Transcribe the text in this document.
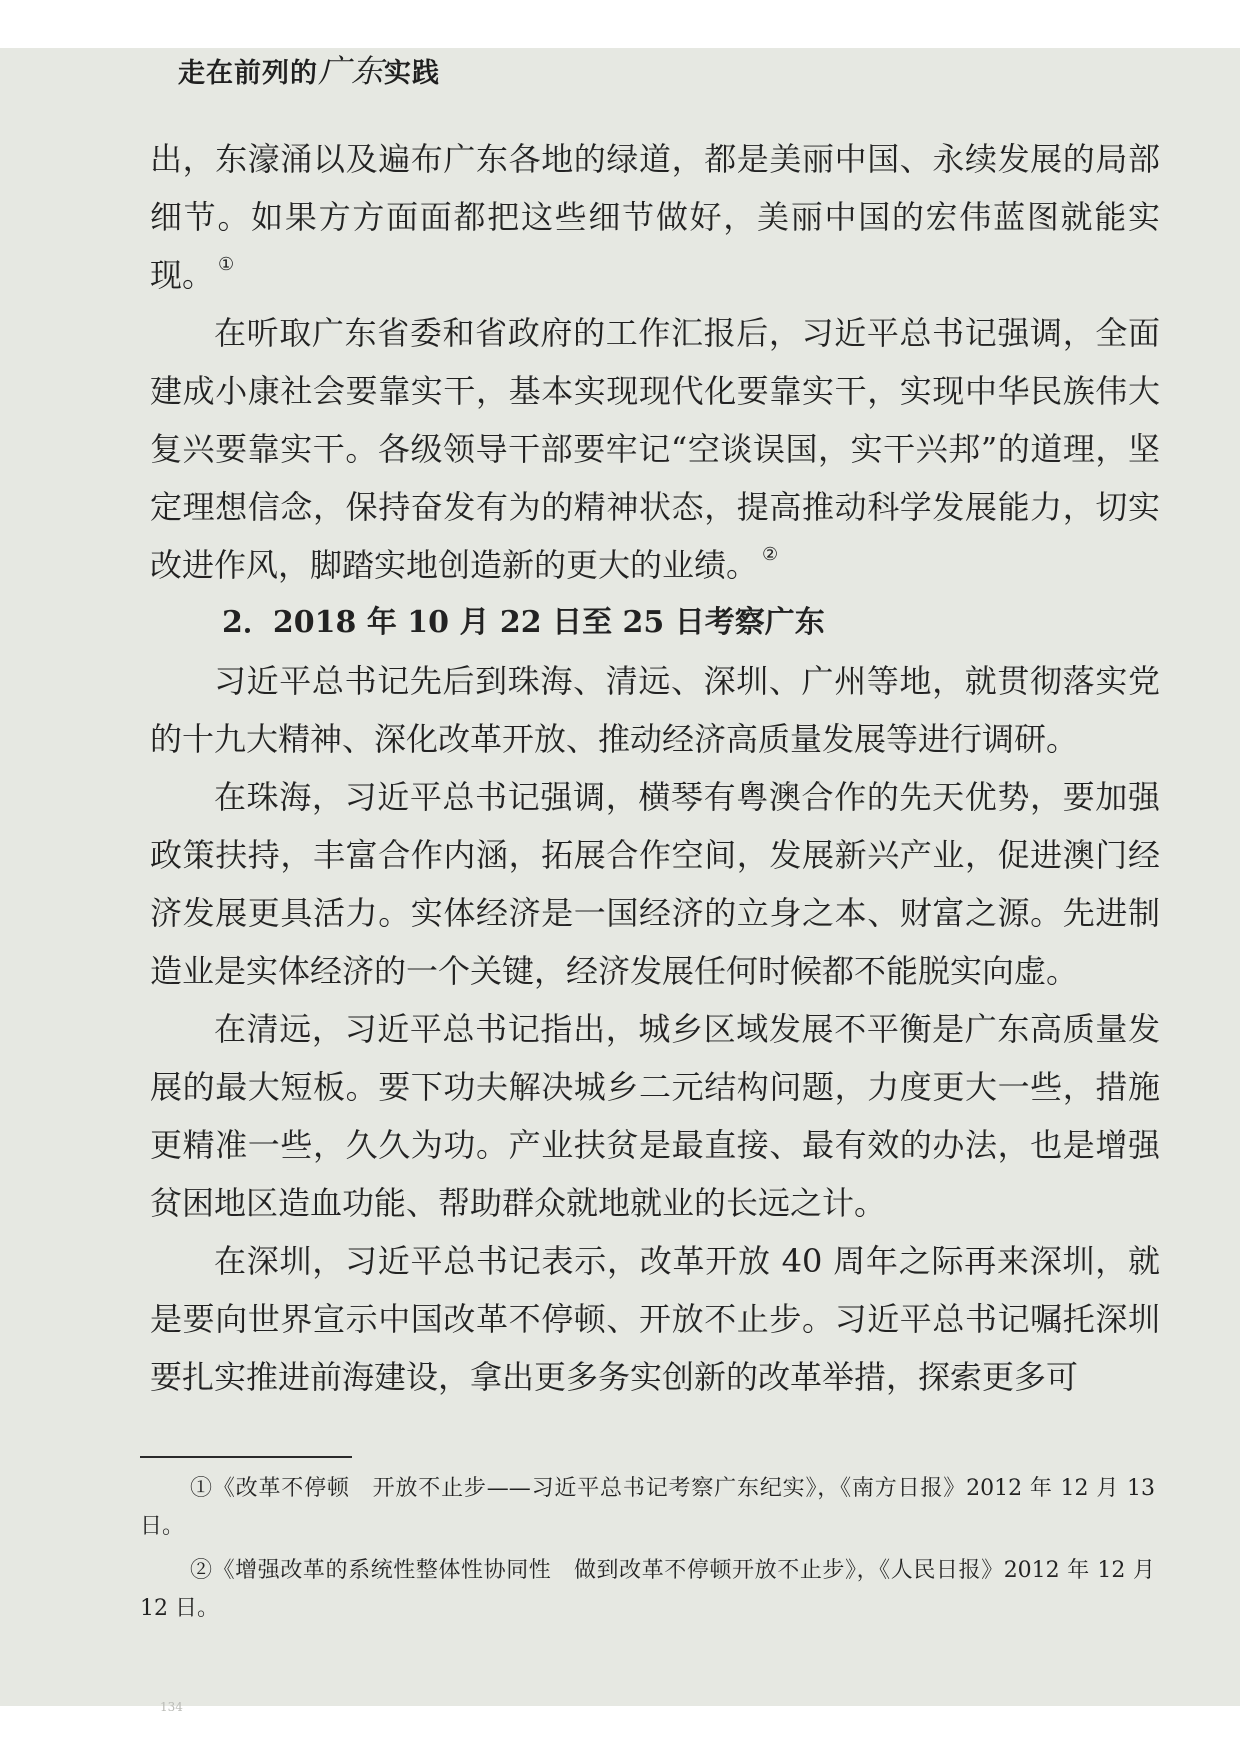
走在前列的广东实践

出，东濠涌以及遍布广东各地的绿道，都是美丽中国、永续发展的局部细节。如果方方面面都把这些细节做好，美丽中国的宏伟蓝图就能实现。 ①

在听取广东省委和省政府的工作汇报后，习近平总书记强调，全面建成小康社会要靠实干，基本实现现代化要靠实干，实现中华民族伟大复兴要靠实干。各级领导干部要牢记“空谈误国，实干兴邦”的道理，坚定理想信念，保持奋发有为的精神状态，提高推动科学发展能力，切实改进作风，脚踏实地创造新的更大的业绩。 ②

2．2018 年 10 月 22 日至 25 日考察广东

习近平总书记先后到珠海、清远、深圳、广州等地，就贯彻落实党的十九大精神、深化改革开放、推动经济高质量发展等进行调研。

在珠海，习近平总书记强调，横琴有粤澳合作的先天优势，要加强政策扶持，丰富合作内涵，拓展合作空间，发展新兴产业，促进澳门经济发展更具活力。实体经济是一国经济的立身之本、财富之源。先进制造业是实体经济的一个关键，经济发展任何时候都不能脱实向虚。

在清远，习近平总书记指出，城乡区域发展不平衡是广东高质量发展的最大短板。要下功夫解决城乡二元结构问题，力度更大一些，措施更精准一些，久久为功。产业扶贫是最直接、最有效的办法，也是增强贫困地区造血功能、帮助群众就地就业的长远之计。

在深圳，习近平总书记表示，改革开放 40 周年之际再来深圳，就是要向世界宣示中国改革不停顿、开放不止步。习近平总书记嘱托深圳要扎实推进前海建设，拿出更多务实创新的改革举措，探索更多可

①《改革不停顿　开放不止步——习近平总书记考察广东纪实》，《南方日报》2012 年 12 月 13 日。

②《增强改革的系统性整体性协同性　做到改革不停顿开放不止步》，《人民日报》2012 年 12 月 12 日。

134
